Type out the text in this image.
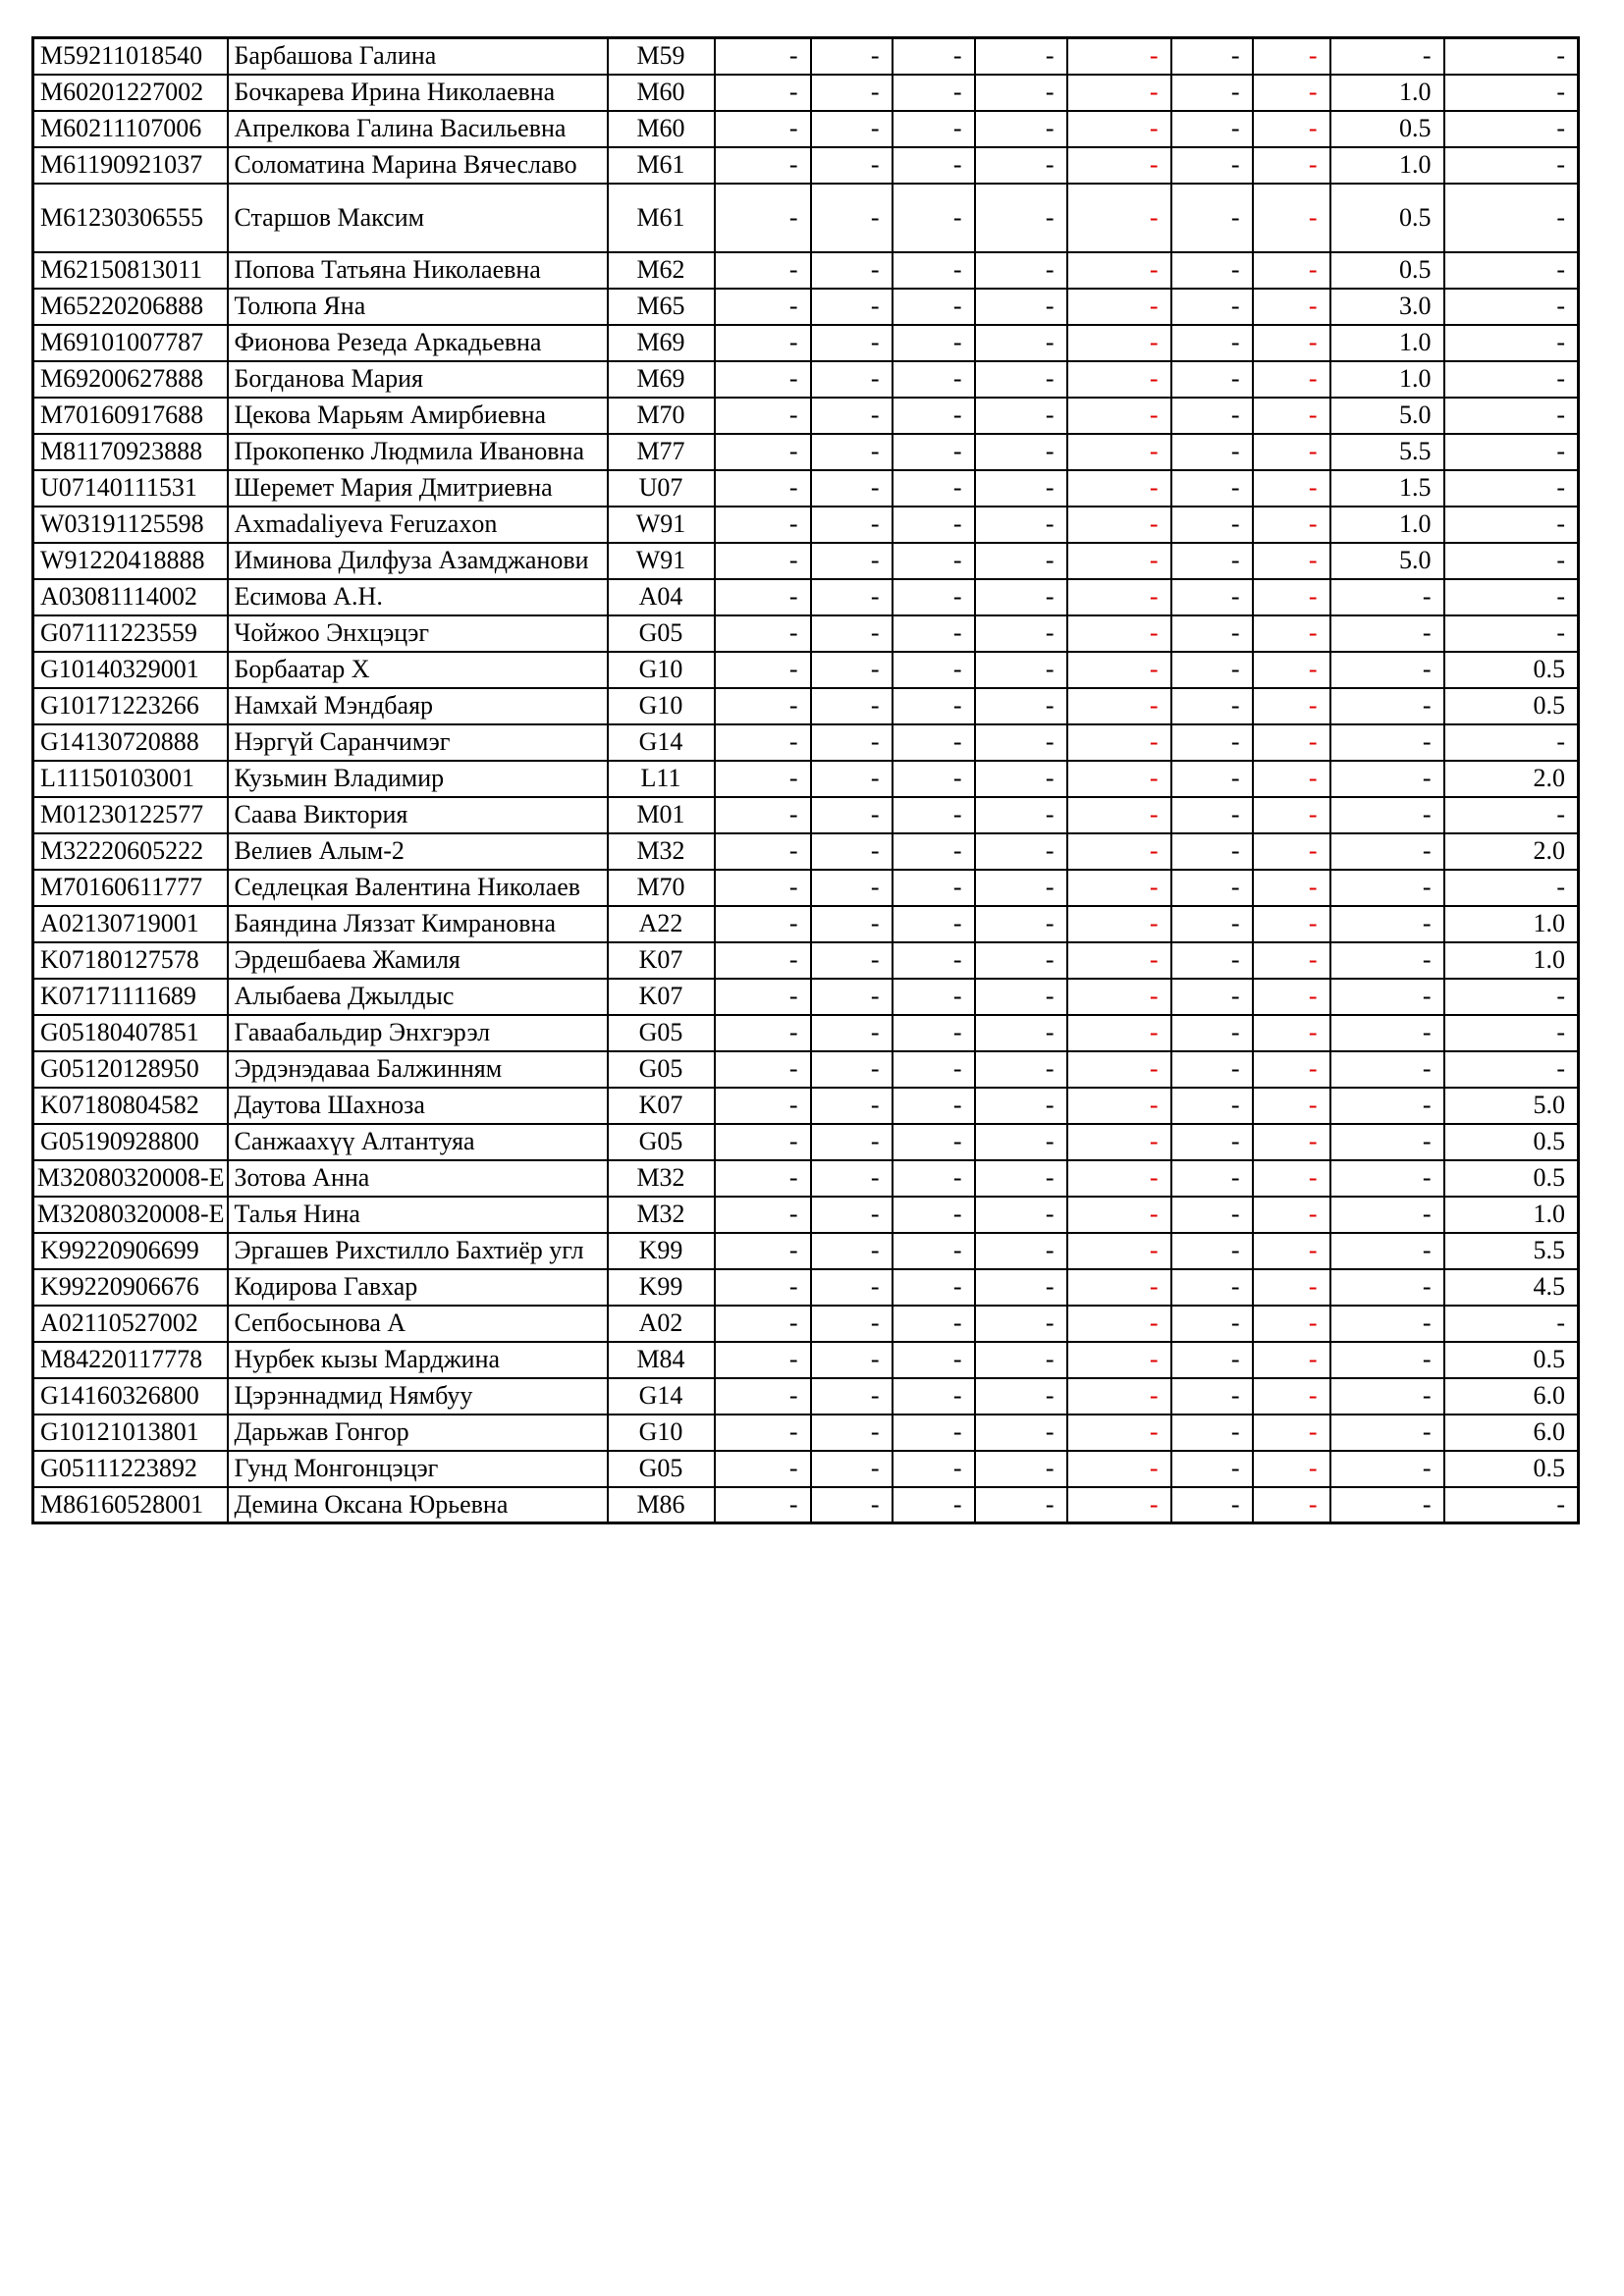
M59211018540	Барбашова Галина	M59	-	-	-	-	-	-	-	-	-
M60201227002	Бочкарева Ирина Николаевна	M60	-	-	-	-	-	-	-	1.0	-
M60211107006	Апрелкова Галина Васильевна	M60	-	-	-	-	-	-	-	0.5	-
M61190921037	Соломатина Марина Вячеславо	M61	-	-	-	-	-	-	-	1.0	-
M61230306555	Старшов Максим	M61	-	-	-	-	-	-	-	0.5	-
M62150813011	Попова Татьяна Николаевна	M62	-	-	-	-	-	-	-	0.5	-
M65220206888	Толюпа Яна	M65	-	-	-	-	-	-	-	3.0	-
M69101007787	Фионова Резеда Аркадьевна	M69	-	-	-	-	-	-	-	1.0	-
M69200627888	Богданова Мария	M69	-	-	-	-	-	-	-	1.0	-
M70160917688	Цекова Марьям Амирбиевна	M70	-	-	-	-	-	-	-	5.0	-
M81170923888	Прокопенко Людмила Ивановна	M77	-	-	-	-	-	-	-	5.5	-
U07140111531	Шеремет Мария Дмитриевна	U07	-	-	-	-	-	-	-	1.5	-
W03191125598	Axmadaliyeva Feruzaxon	W91	-	-	-	-	-	-	-	1.0	-
W91220418888	Иминова Дилфуза Азамджанови	W91	-	-	-	-	-	-	-	5.0	-
A03081114002	Есимова А.Н.	A04	-	-	-	-	-	-	-	-	-
G07111223559	Чойжоо Энхцэцэг	G05	-	-	-	-	-	-	-	-	-
G10140329001	Борбаатар Х	G10	-	-	-	-	-	-	-	-	0.5
G10171223266	Намхай Мэндбаяр	G10	-	-	-	-	-	-	-	-	0.5
G14130720888	Нэргүй Саранчимэг	G14	-	-	-	-	-	-	-	-	-
L11150103001	Кузьмин Владимир	L11	-	-	-	-	-	-	-	-	2.0
M01230122577	Саава Виктория	M01	-	-	-	-	-	-	-	-	-
M32220605222	Велиев Алым-2	M32	-	-	-	-	-	-	-	-	2.0
M70160611777	Седлецкая Валентина Николаев	M70	-	-	-	-	-	-	-	-	-
A02130719001	Баяндина Ляззат Кимрановна	A22	-	-	-	-	-	-	-	-	1.0
K07180127578	Эрдешбаева Жамиля	K07	-	-	-	-	-	-	-	-	1.0
K07171111689	Алыбаева Джылдыс	K07	-	-	-	-	-	-	-	-	-
G05180407851	Гаваабальдир Энхгэрэл	G05	-	-	-	-	-	-	-	-	-
G05120128950	Эрдэнэдаваа Балжинням	G05	-	-	-	-	-	-	-	-	-
K07180804582	Даутова Шахноза	K07	-	-	-	-	-	-	-	-	5.0
G05190928800	Санжаахүү Алтантуяа	G05	-	-	-	-	-	-	-	-	0.5
M32080320008-E	Зотова Анна	M32	-	-	-	-	-	-	-	-	0.5
M32080320008-E	Талья Нина	M32	-	-	-	-	-	-	-	-	1.0
K99220906699	Эргашев Рихстилло Бахтиёр угл	K99	-	-	-	-	-	-	-	-	5.5
K99220906676	Кодирова Гавхар	K99	-	-	-	-	-	-	-	-	4.5
A02110527002	Сепбосынова А	A02	-	-	-	-	-	-	-	-	-
M84220117778	Нурбек кызы Марджина	M84	-	-	-	-	-	-	-	-	0.5
G14160326800	Цэрэннадмид Нямбуу	G14	-	-	-	-	-	-	-	-	6.0
G10121013801	Дарьжав Гонгор	G10	-	-	-	-	-	-	-	-	6.0
G05111223892	Гунд Монгонцэцэг	G05	-	-	-	-	-	-	-	-	0.5
M86160528001	Демина Оксана Юрьевна	M86	-	-	-	-	-	-	-	-	-
